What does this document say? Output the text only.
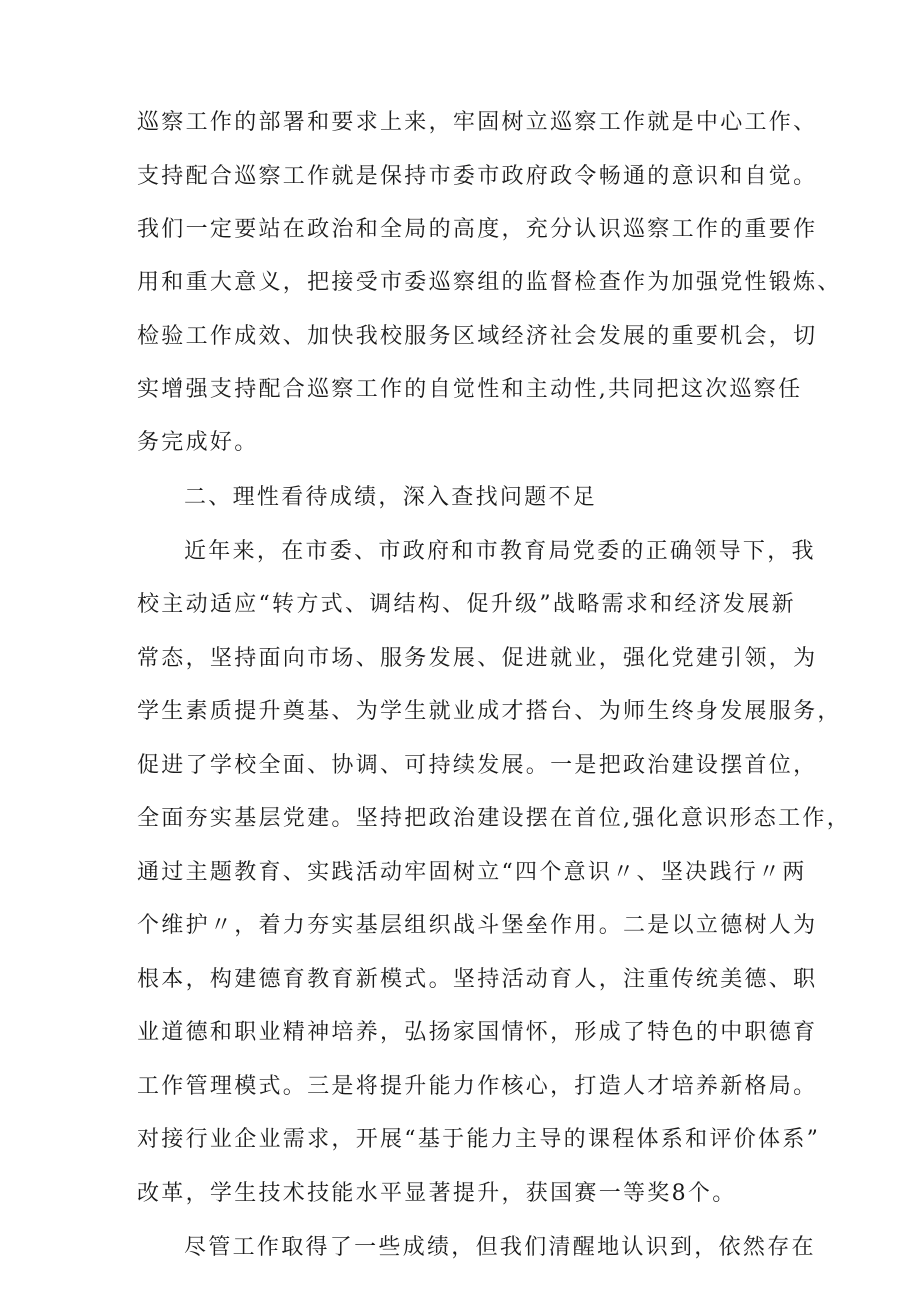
巡察工作的部署和要求上来，牢固树立巡察工作就是中心工作、
支持配合巡察工作就是保持市委市政府政令畅通的意识和自觉。
我们一定要站在政治和全局的高度，充分认识巡察工作的重要作
用和重大意义，把接受市委巡察组的监督检查作为加强党性锻炼、
检验工作成效、加快我校服务区域经济社会发展的重要机会，切
实增强支持配合巡察工作的自觉性和主动性,共同把这次巡察任
务完成好。
二、理性看待成绩，深入查找问题不足
近年来，在市委、市政府和市教育局党委的正确领导下，我
校主动适应“转方式、调结构、促升级”战略需求和经济发展新
常态，坚持面向市场、服务发展、促进就业，强化党建引领，为
学生素质提升奠基、为学生就业成才搭台、为师生终身发展服务，
促进了学校全面、协调、可持续发展。一是把政治建设摆首位，
全面夯实基层党建。坚持把政治建设摆在首位,强化意识形态工作，
通过主题教育、实践活动牢固树立“四个意识〃、坚决践行〃两
个维护〃，着力夯实基层组织战斗堡垒作用。二是以立德树人为
根本，构建德育教育新模式。坚持活动育人，注重传统美德、职
业道德和职业精神培养，弘扬家国情怀，形成了特色的中职德育
工作管理模式。三是将提升能力作核心，打造人才培养新格局。
对接行业企业需求，开展“基于能力主导的课程体系和评价体系”
改革，学生技术技能水平显著提升，获国赛一等奖8个。
尽管工作取得了一些成绩，但我们清醒地认识到，依然存在
